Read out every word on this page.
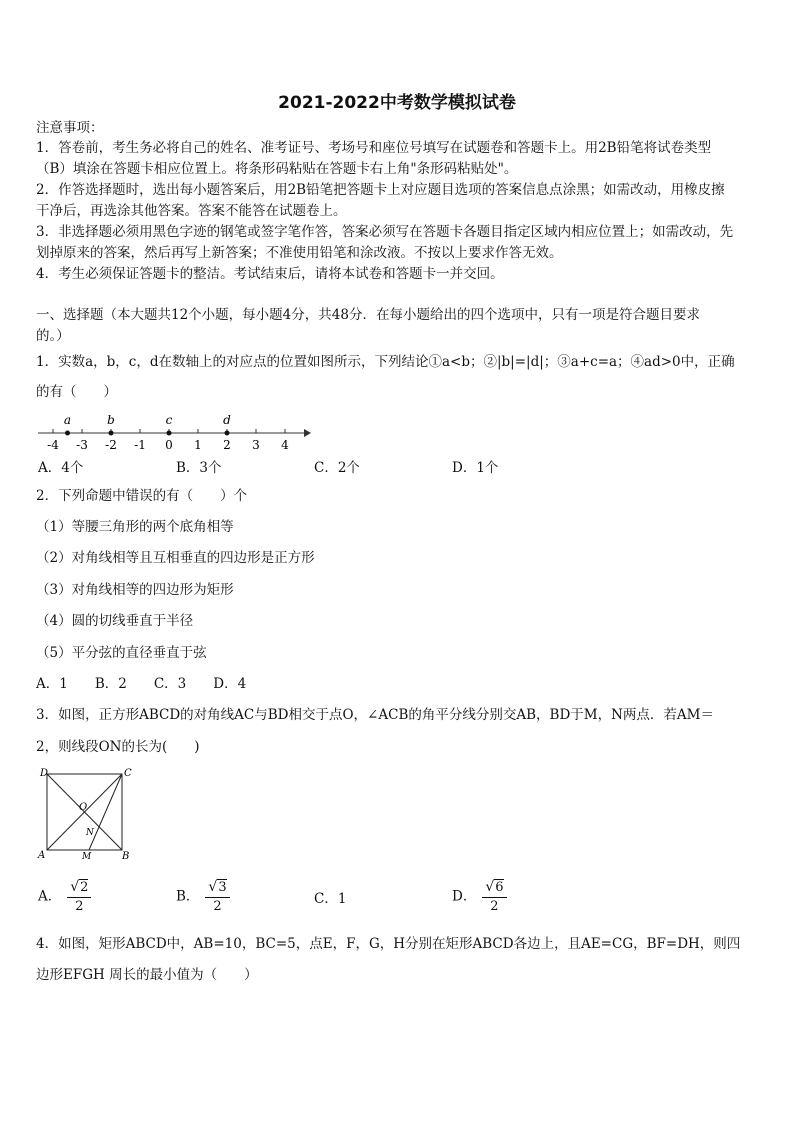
2021-2022中考数学模拟试卷
注意事项：
1．答卷前，考生务必将自己的姓名、准考证号、考场号和座位号填写在试题卷和答题卡上。用2B铅笔将试卷类型
（B）填涂在答题卡相应位置上。将条形码粘贴在答题卡右上角"条形码粘贴处"。
2．作答选择题时，选出每小题答案后，用2B铅笔把答题卡上对应题目选项的答案信息点涂黑；如需改动，用橡皮擦
干净后，再选涂其他答案。答案不能答在试题卷上。
3．非选择题必须用黑色字迹的钢笔或签字笔作答，答案必须写在答题卡各题目指定区域内相应位置上；如需改动，先
划掉原来的答案，然后再写上新答案；不准使用铅笔和涂改液。不按以上要求作答无效。
4．考生必须保证答题卡的整洁。考试结束后，请将本试卷和答题卡一并交回。
一、选择题（本大题共12个小题，每小题4分，共48分．在每小题给出的四个选项中，只有一项是符合题目要求
的。）
1．实数a，b，c，d在数轴上的对应点的位置如图所示，下列结论①a<b；②|b|=|d|；③a+c=a；④ad>0中，正确
的有（　　）
-4 -3 -2 -1 0 1 2 3 4
a	b	c	d
A．4个	B．3个	C．2个	D．1个
2．下列命题中错误的有（　　）个
（1）等腰三角形的两个底角相等
（2）对角线相等且互相垂直的四边形是正方形
（3）对角线相等的四边形为矩形
（4）圆的切线垂直于半径
（5）平分弦的直径垂直于弦
A．1　　B．2　　C．3　　D．4
3．如图，正方形ABCD的对角线AC与BD相交于点O，∠ACB的角平分线分别交AB，BD于M，N两点．若AM＝
2，则线段ON的长为(　　)
D	C
A	B
O
N
M
A． $\frac{√2}{2}$	B． $\frac{√3}{2}$	C．1	D． $\frac{√6}{2}$
4．如图，矩形ABCD中，AB=10，BC=5，点E，F，G，H分别在矩形ABCD各边上，且AE=CG，BF=DH，则四
边形EFGH 周长的最小值为（　　）
